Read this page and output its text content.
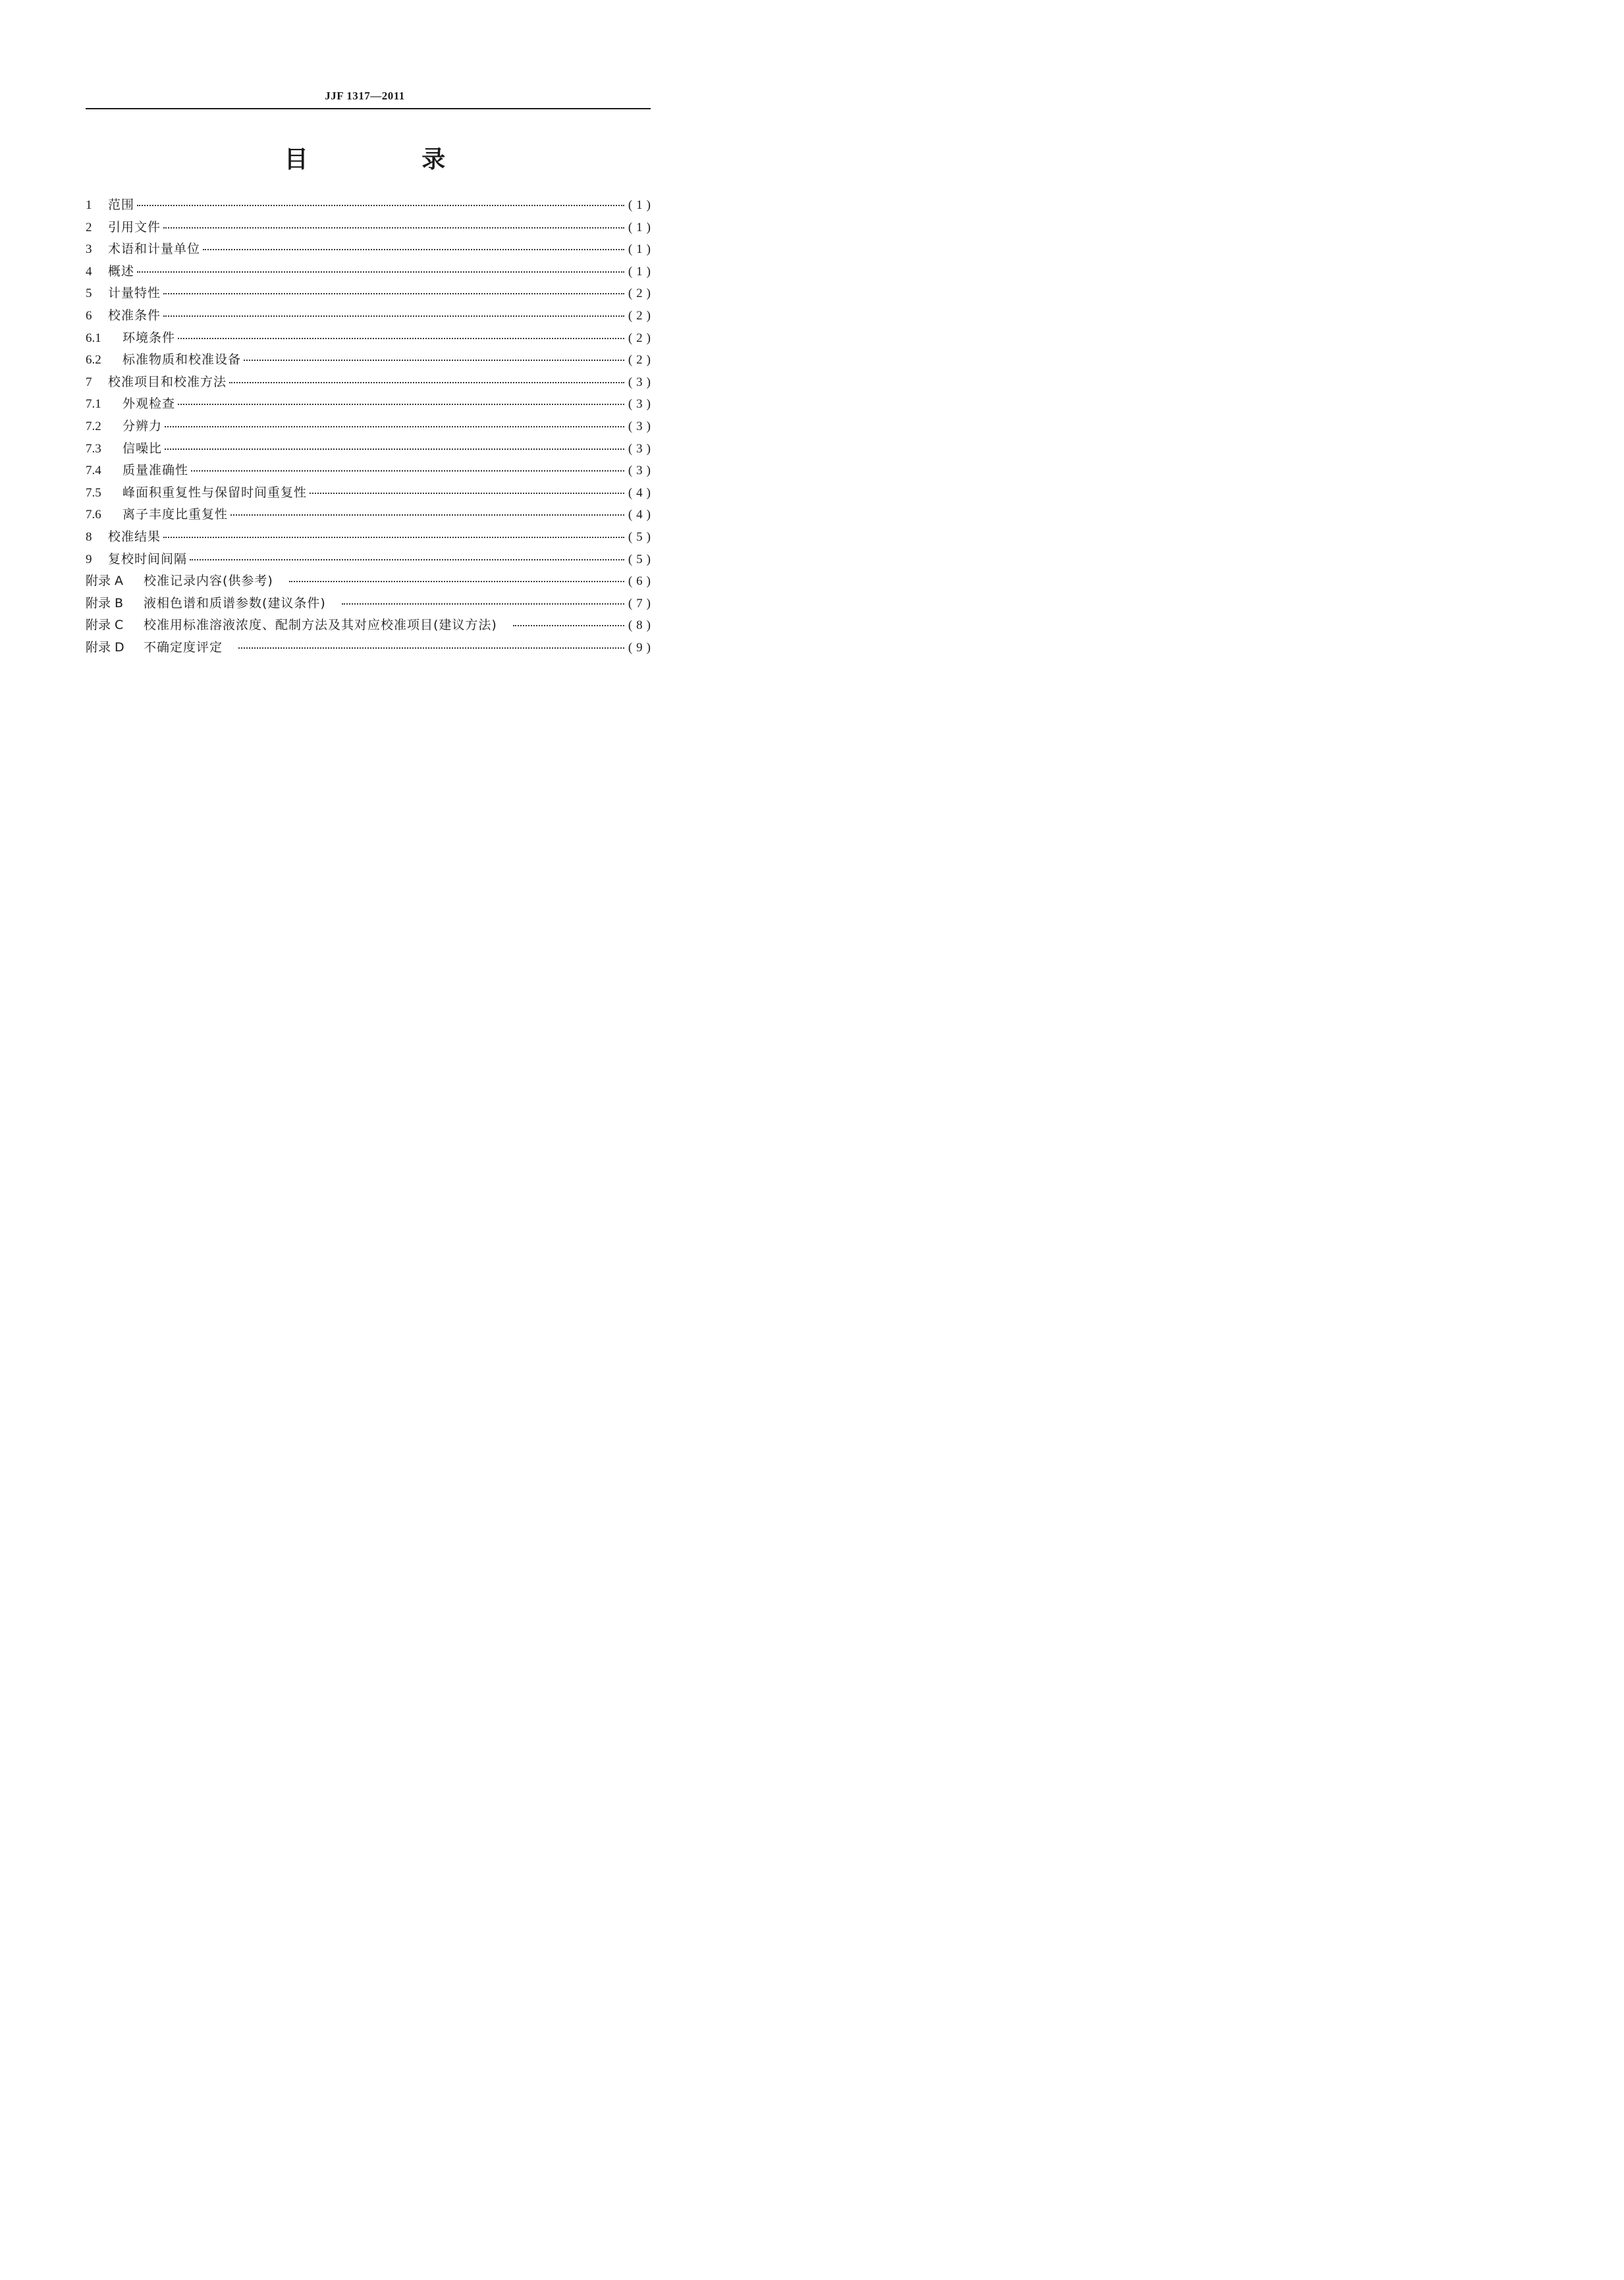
JJF 1317—2011
目 录
1	范围	(1)
2	引用文件	(1)
3	术语和计量单位	(1)
4	概述	(1)
5	计量特性	(2)
6	校准条件	(2)
6.1	环境条件	(2)
6.2	标准物质和校准设备	(2)
7	校准项目和校准方法	(3)
7.1	外观检查	(3)
7.2	分辨力	(3)
7.3	信噪比	(3)
7.4	质量准确性	(3)
7.5	峰面积重复性与保留时间重复性	(4)
7.6	离子丰度比重复性	(4)
8	校准结果	(5)
9	复校时间间隔	(5)
附录 A	校准记录内容(供参考)	(6)
附录 B	液相色谱和质谱参数(建议条件)	(7)
附录 C	校准用标准溶液浓度、配制方法及其对应校准项目(建议方法)	(8)
附录 D	不确定度评定	(9)
